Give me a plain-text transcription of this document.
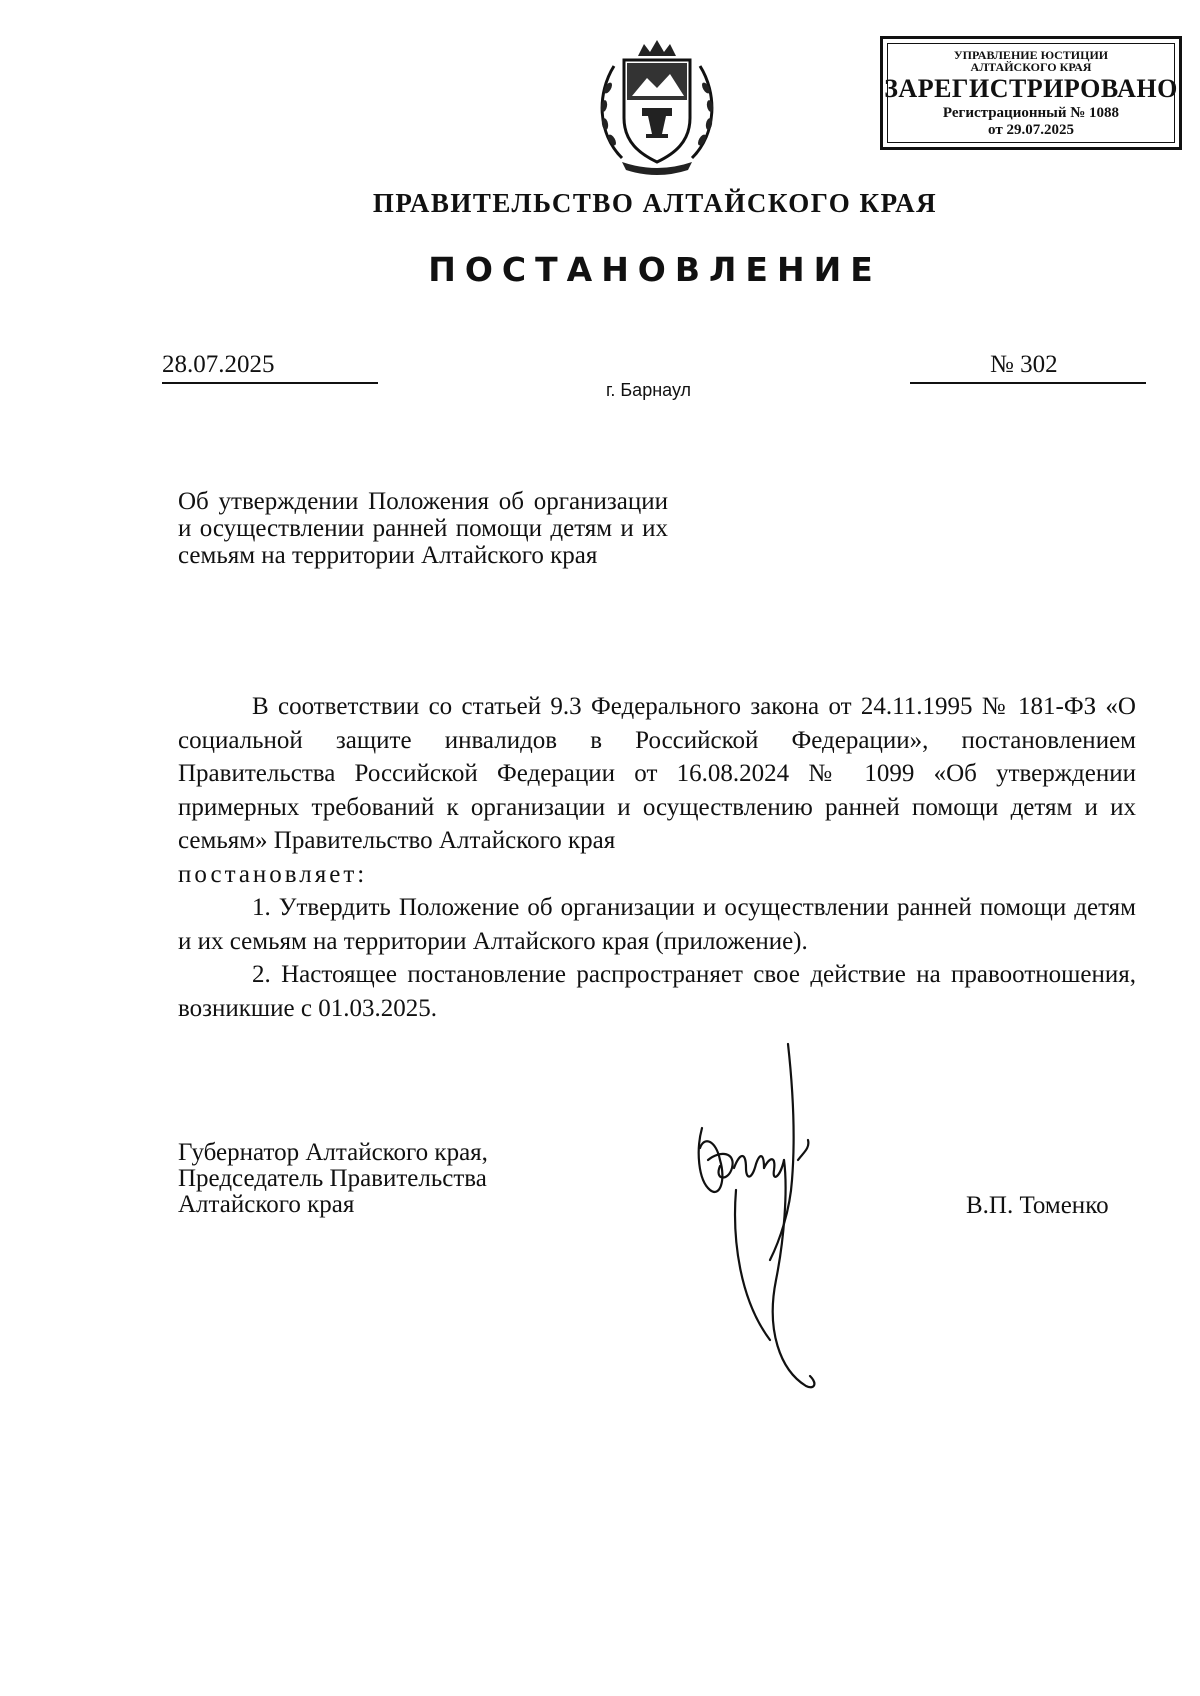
УПРАВЛЕНИЕ ЮСТИЦИИ АЛТАЙСКОГО КРАЯ
ЗАРЕГИСТРИРОВАНО
Регистрационный № 1088
от 29.07.2025
ПРАВИТЕЛЬСТВО АЛТАЙСКОГО КРАЯ
ПОСТАНОВЛЕНИЕ
28.07.2025	№ 302
г. Барнаул
Об утверждении Положения об организации и осуществлении ранней помощи детям и их семьям на территории Алтайского края

В соответствии со статьей 9.3 Федерального закона от 24.11.1995 № 181-ФЗ «О социальной защите инвалидов в Российской Федерации», постановлением Правительства Российской Федерации от 16.08.2024 № 1099 «Об утверждении примерных требований к организации и осуществлению ранней помощи детям и их семьям» Правительство Алтайского края

постановляет:

1. Утвердить Положение об организации и осуществлении ранней помощи детям и их семьям на территории Алтайского края (приложение).

2. Настоящее постановление распространяет свое действие на правоотношения, возникшие с 01.03.2025.

Губернатор Алтайского края,
Председатель Правительства
Алтайского края	В.П. Томенко
